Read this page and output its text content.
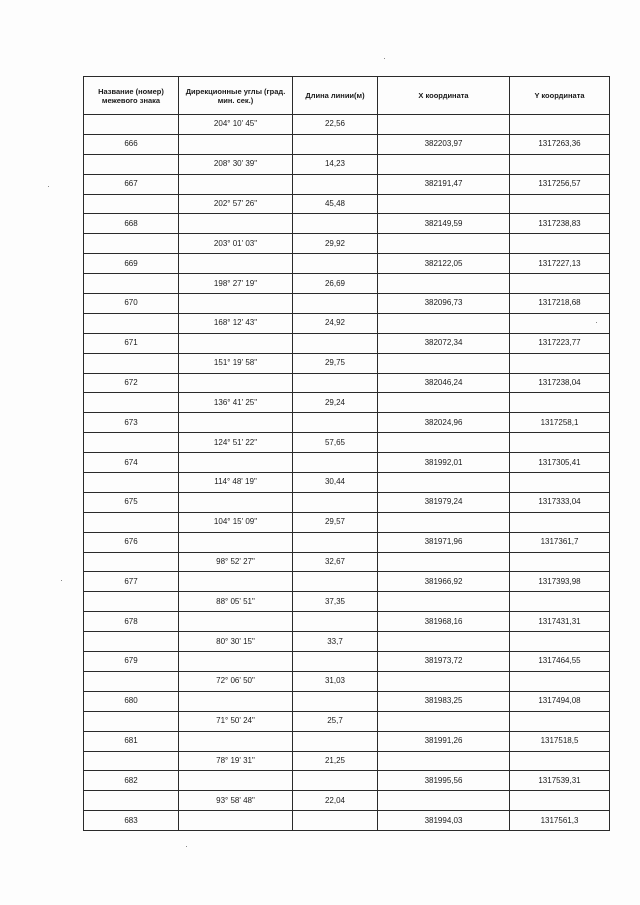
Название (номер) межевого знака	Дирекционные углы (град. мин. сек.)	Длина линии(м)	X координата	Y координата
	204° 10' 45"	22,56		
666			382203,97	1317263,36
	208° 30' 39"	14,23		
667			382191,47	1317256,57
	202° 57' 26"	45,48		
668			382149,59	1317238,83
	203° 01' 03"	29,92		
669			382122,05	1317227,13
	198° 27' 19"	26,69		
670			382096,73	1317218,68
	168° 12' 43"	24,92		
671			382072,34	1317223,77
	151° 19' 58"	29,75		
672			382046,24	1317238,04
	136° 41' 25"	29,24		
673			382024,96	1317258,1
	124° 51' 22"	57,65		
674			381992,01	1317305,41
	114° 48' 19"	30,44		
675			381979,24	1317333,04
	104° 15' 09"	29,57		
676			381971,96	1317361,7
	98° 52' 27"	32,67		
677			381966,92	1317393,98
	88° 05' 51"	37,35		
678			381968,16	1317431,31
	80° 30' 15"	33,7		
679			381973,72	1317464,55
	72° 06' 50"	31,03		
680			381983,25	1317494,08
	71° 50' 24"	25,7		
681			381991,26	1317518,5
	78° 19' 31"	21,25		
682			381995,56	1317539,31
	93° 58' 48"	22,04		
683			381994,03	1317561,3
